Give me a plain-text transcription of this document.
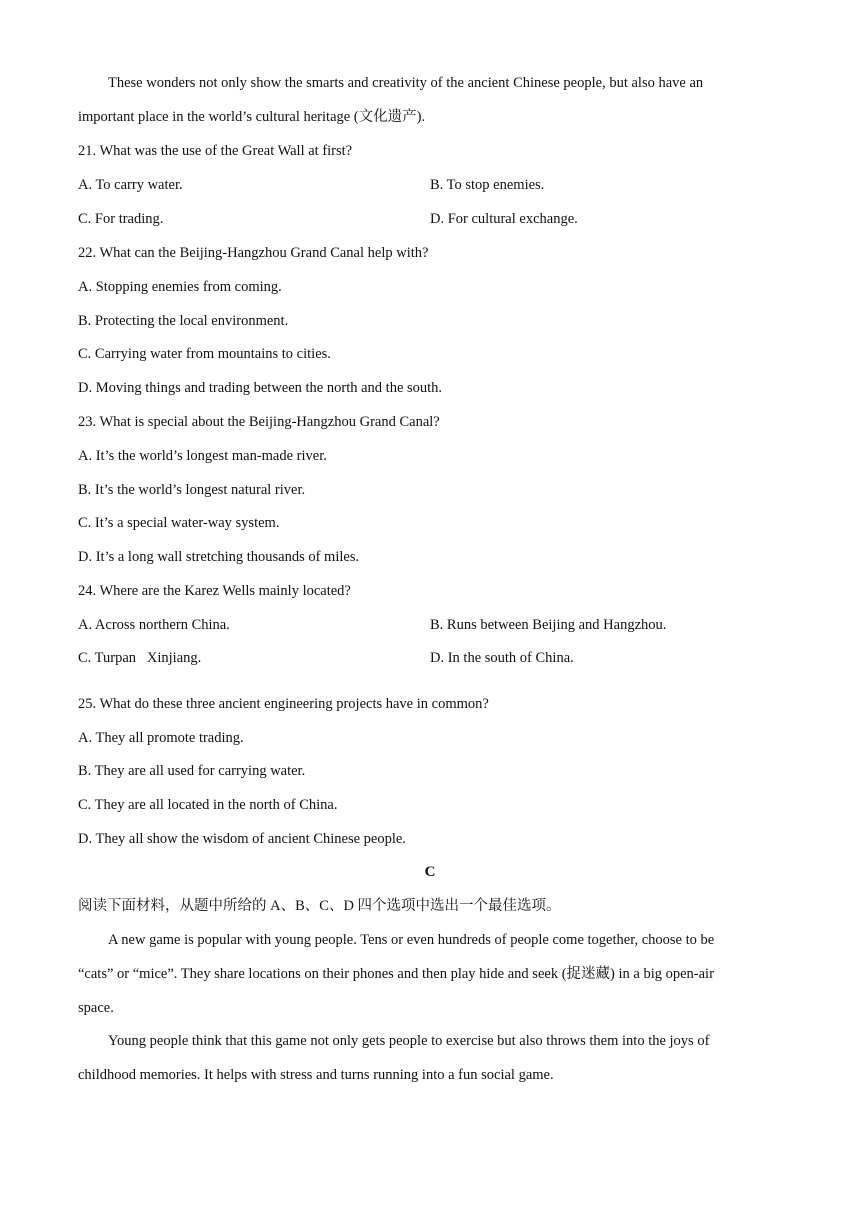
These wonders not only show the smarts and creativity of the ancient Chinese people, but also have an
important place in the world’s cultural heritage (文化遗产).
21. What was the use of the Great Wall at first?
A. To carry water.	B. To stop enemies.
C. For trading.	D. For cultural exchange.
22. What can the Beijing-Hangzhou Grand Canal help with?
A. Stopping enemies from coming.
B. Protecting the local environment.
C. Carrying water from mountains to cities.
D. Moving things and trading between the north and the south.
23. What is special about the Beijing-Hangzhou Grand Canal?
A. It’s the world’s longest man-made river.
B. It’s the world’s longest natural river.
C. It’s a special water-way system.
D. It’s a long wall stretching thousands of miles.
24. Where are the Karez Wells mainly located?
A. Across northern China.	B. Runs between Beijing and Hangzhou.
C. Turpan   Xinjiang.	D. In the south of China.
25. What do these three ancient engineering projects have in common?
A. They all promote trading.
B. They are all used for carrying water.
C. They are all located in the north of China.
D. They all show the wisdom of ancient Chinese people.
C
阅读下面材料，从题中所给的 A、B、C、D 四个选项中选出一个最佳选项。
A new game is popular with young people. Tens or even hundreds of people come together, choose to be
“cats” or “mice”. They share locations on their phones and then play hide and seek (捉迷藏) in a big open-air
space.
Young people think that this game not only gets people to exercise but also throws them into the joys of
childhood memories. It helps with stress and turns running into a fun social game.
